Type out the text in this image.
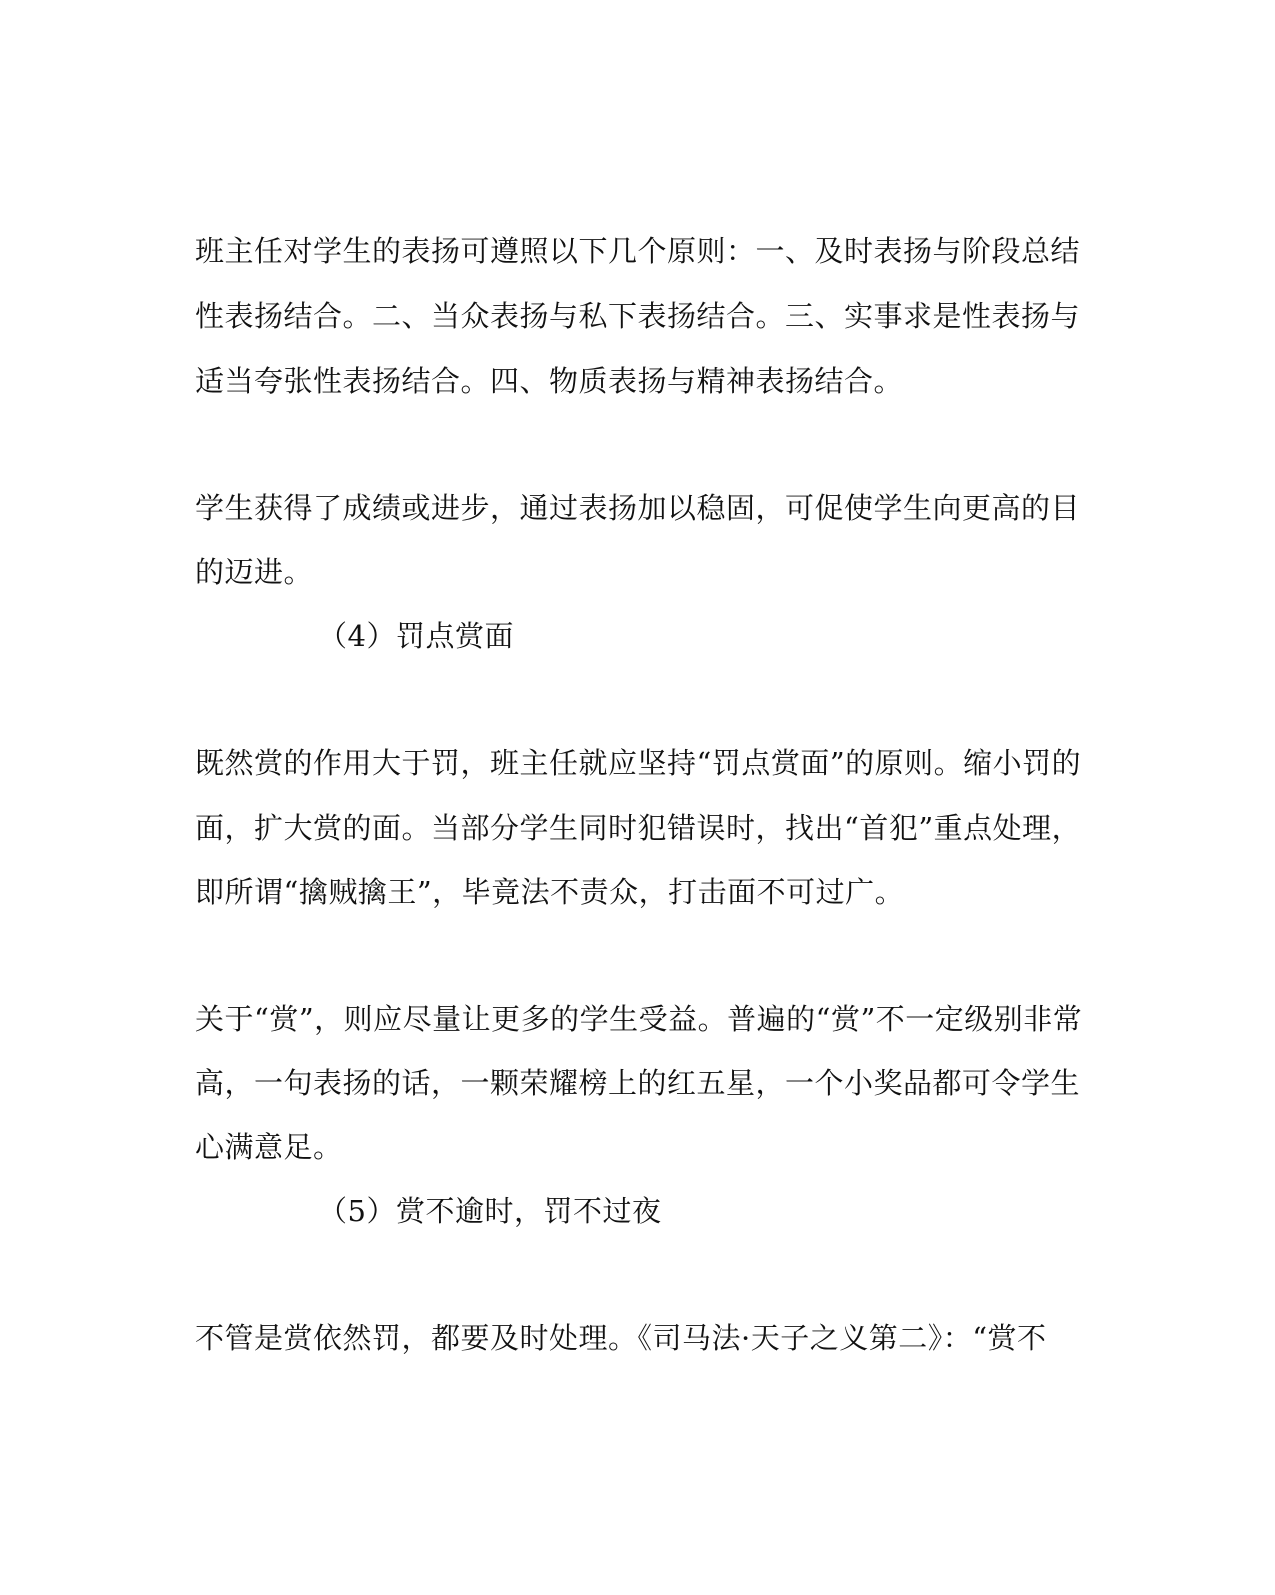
班主任对学生的表扬可遵照以下几个原则：一、及时表扬与阶段总结

性表扬结合。二、当众表扬与私下表扬结合。三、实事求是性表扬与

适当夸张性表扬结合。四、物质表扬与精神表扬结合。

学生获得了成绩或进步，通过表扬加以稳固，可促使学生向更高的目

的迈进。

（4）罚点赏面

既然赏的作用大于罚，班主任就应坚持“罚点赏面”的原则。缩小罚的

面，扩大赏的面。当部分学生同时犯错误时，找出“首犯”重点处理，

即所谓“擒贼擒王”，毕竟法不责众，打击面不可过广。

关于“赏”，则应尽量让更多的学生受益。普遍的“赏”不一定级别非常

高，一句表扬的话，一颗荣耀榜上的红五星，一个小奖品都可令学生

心满意足。

（5）赏不逾时，罚不过夜

不管是赏依然罚，都要及时处理。《司马法·天子之义第二》：“赏不
